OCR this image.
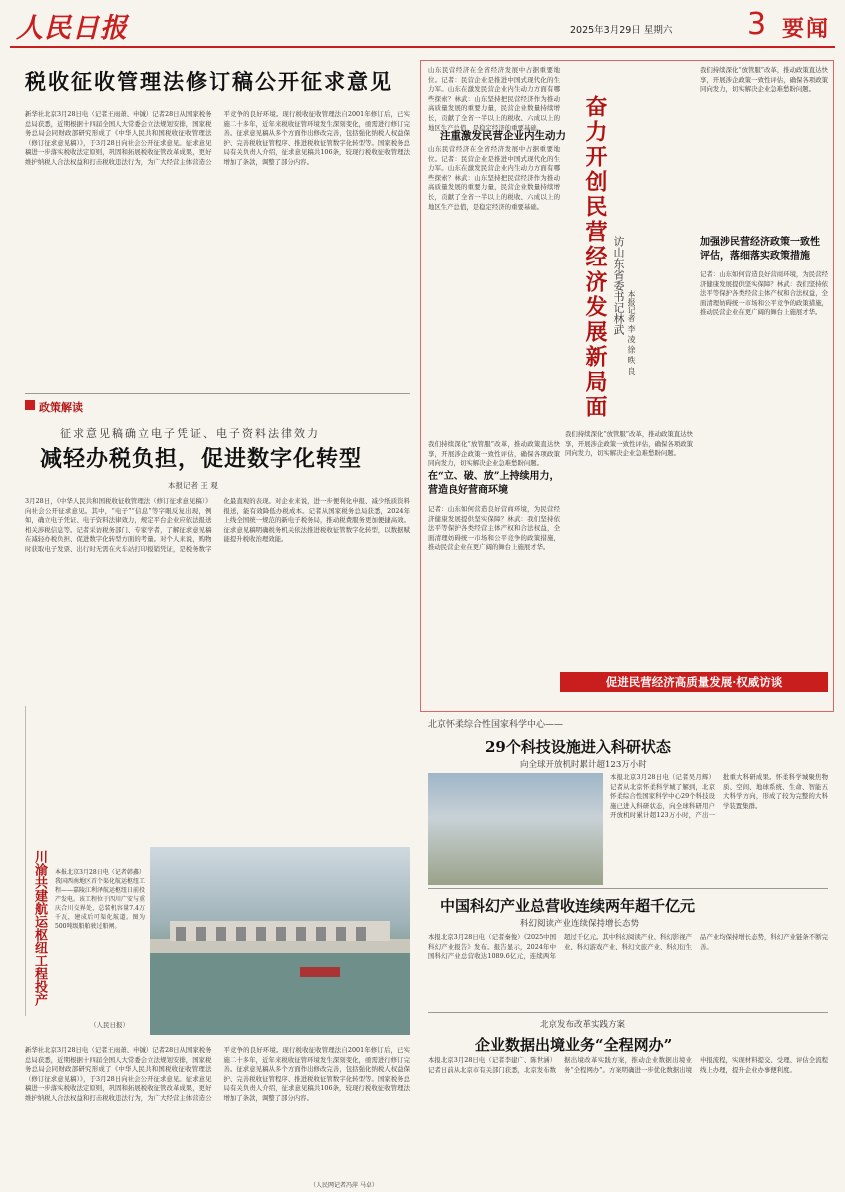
人民日报	2025年3月29日 星期六 3 要闻
税收征收管理法修订稿公开征求意见
新华社北京3月28日电（记者王雨萧、申铖）记者28日从国家税务总局获悉，近期根据十四届全国人大常委会立法规划安排，国家税务总局会同财政部研究形成了《中华人民共和国税收征收管理法（修订征求意见稿）》，于3月28日向社会公开征求意见。征求意见稿进一步落实税收法定原则，巩固和拓展税收征管改革成果，更好维护纳税人合法权益和打击税收违法行为，为广大经营主体营造公平竞争的良好环境。现行税收征收管理法自2001年修订后，已实施二十多年，近年来税收征管环境发生深刻变化，亟需进行修订完善。征求意见稿从多个方面作出修改完善，包括强化纳税人权益保护、完善税收征管程序、推进税收征管数字化转型等。国家税务总局有关负责人介绍，征求意见稿共106条，较现行税收征收管理法增加了条款，调整了部分内容。
政策解读
征求意见稿确立电子凭证、电子资料法律效力
减轻办税负担，促进数字化转型
本报记者 王 观
3月28日，《中华人民共和国税收征收管理法（修订征求意见稿）》向社会公开征求意见。其中，“电子”“信息”等字眼反复出现，例如，确立电子凭证、电子资料法律效力，规定平台企业应依法报送相关涉税信息等。记者采访税务部门、专家学者，了解征求意见稿在减轻办税负担、促进数字化转型方面的考量。对个人来说，购物时获取电子发票、出行时无需在火车站打印报销凭证，是税务数字化最直观的表现。对企业来说，进一步便利化申报、减少纸质资料报送，能有效降低办税成本。记者从国家税务总局获悉，2024年上线全国统一规范的新电子税务局，推动税费服务更加便捷高效。征求意见稿明确税务机关依法推进税收征管数字化转型，以数据赋能提升税收治理效能。
川渝共建航运枢纽工程投产	本报北京3月28日电（记者韩鑫）我国西南地区首个渠化航运枢纽工程——嘉陵江利泽航运枢纽日前投产发电。该工程位于四川广安与重庆合川交界处，总装机容量7.4万千瓦，建成后可渠化航道。图为500吨级船舶驶过船闸。
（人民日报）
新华社北京3月28日电（记者王雨萧、申铖）记者28日从国家税务总局获悉，近期根据十四届全国人大常委会立法规划安排，国家税务总局会同财政部研究形成了《中华人民共和国税收征收管理法（修订征求意见稿）》，于3月28日向社会公开征求意见。征求意见稿进一步落实税收法定原则，巩固和拓展税收征管改革成果，更好维护纳税人合法权益和打击税收违法行为，为广大经营主体营造公平竞争的良好环境。现行税收征收管理法自2001年修订后，已实施二十多年，近年来税收征管环境发生深刻变化，亟需进行修订完善。征求意见稿从多个方面作出修改完善，包括强化纳税人权益保护、完善税收征管程序、推进税收征管数字化转型等。国家税务总局有关负责人介绍，征求意见稿共106条，较现行税收征收管理法增加了条款，调整了部分内容。
（人民网记者冯萍 马卓）
山东民营经济在全省经济发展中占据重要地位。记者：民营企业是推进中国式现代化的生力军。山东在激发民营企业内生动力方面有哪些探索？林武：山东坚持把民营经济作为推动高质量发展的重要力量，民营企业数量持续增长，贡献了全省一半以上的税收、六成以上的地区生产总值，是稳定经济的重要基础。
注重激发民营企业内生动力
山东民营经济在全省经济发展中占据重要地位。记者：民营企业是推进中国式现代化的生力军。山东在激发民营企业内生动力方面有哪些探索？林武：山东坚持把民营经济作为推动高质量发展的重要力量，民营企业数量持续增长，贡献了全省一半以上的税收、六成以上的地区生产总值，是稳定经济的重要基础。
我们持续深化“放管服”改革，推动政策直达快享，开展涉企政策一致性评估，确保各项政策同向发力，切实解决企业急难愁盼问题。
在“立、破、放”上持续用力，营造良好营商环境
记者：山东如何营造良好营商环境，为民营经济健康发展提供坚实保障？林武：我们坚持依法平等保护各类经营主体产权和合法权益，全面清理妨碍统一市场和公平竞争的政策措施，推动民营企业在更广阔的舞台上施展才华。
奋力开创民营经济发展新局面 访山东省委书记林武 本报记者 李 凌 徐 昳 良
我们持续深化“放管服”改革，推动政策直达快享，开展涉企政策一致性评估，确保各项政策同向发力，切实解决企业急难愁盼问题。
我们持续深化“放管服”改革，推动政策直达快享，开展涉企政策一致性评估，确保各项政策同向发力，切实解决企业急难愁盼问题。
加强涉民营经济政策一致性评估，落细落实政策措施
记者：山东如何营造良好营商环境，为民营经济健康发展提供坚实保障？林武：我们坚持依法平等保护各类经营主体产权和合法权益，全面清理妨碍统一市场和公平竞争的政策措施，推动民营企业在更广阔的舞台上施展才华。
促进民营经济高质量发展·权威访谈
北京怀柔综合性国家科学中心——
29个科技设施进入科研状态
向全球开放机时累计超123万小时
本报北京3月28日电（记者吴月辉）记者从北京怀柔科学城了解到，北京怀柔综合性国家科学中心29个科技设施已进入科研状态，向全球科研用户开放机时累计超123万小时，产出一批重大科研成果。怀柔科学城聚焦物质、空间、地球系统、生命、智能五大科学方向，形成了较为完整的大科学装置集群。
中国科幻产业总营收连续两年超千亿元
科幻阅读产业连续保持增长态势
本报北京3月28日电（记者秦俊）《2025中国科幻产业报告》发布。报告显示，2024年中国科幻产业总营收达1089.6亿元，连续两年超过千亿元。其中科幻阅读产业、科幻影视产业、科幻游戏产业、科幻文旅产业、科幻衍生品产业均保持增长态势，科幻产业链条不断完善。
北京发布改革实践方案
企业数据出境业务“全程网办”
本报北京3月28日电（记者李建广、陈世涵）记者日前从北京市有关部门获悉，北京发布数据出境改革实践方案，推动企业数据出境业务“全程网办”。方案明确进一步优化数据出境申报流程，实现材料提交、受理、评估全流程线上办理，提升企业办事便利度。
